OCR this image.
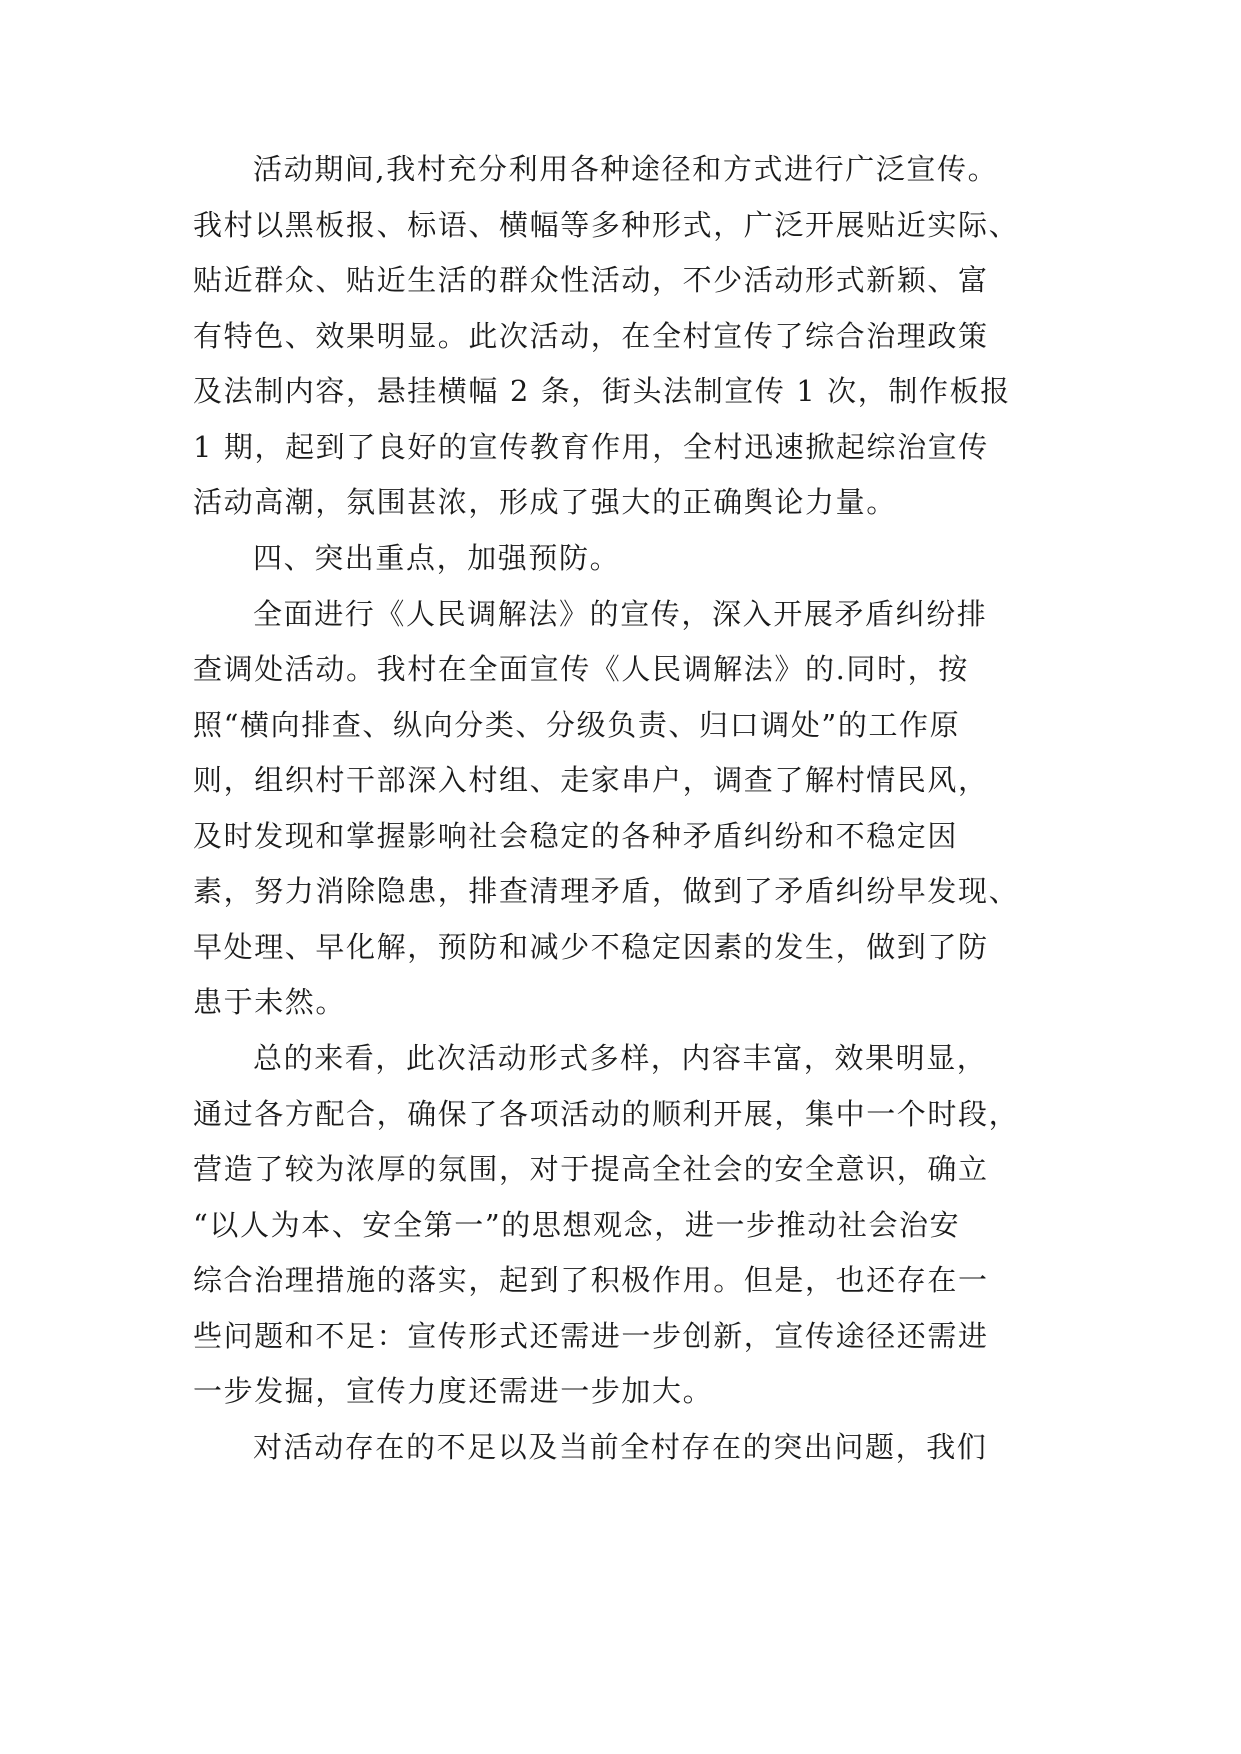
活动期间,我村充分利用各种途径和方式进行广泛宣传。
我村以黑板报、标语、横幅等多种形式，广泛开展贴近实际、
贴近群众、贴近生活的群众性活动，不少活动形式新颖、富
有特色、效果明显。此次活动，在全村宣传了综合治理政策
及法制内容，悬挂横幅 2 条，街头法制宣传 1 次，制作板报
1 期，起到了良好的宣传教育作用，全村迅速掀起综治宣传
活动高潮，氛围甚浓，形成了强大的正确舆论力量。
四、突出重点，加强预防。
全面进行《人民调解法》的宣传，深入开展矛盾纠纷排
查调处活动。我村在全面宣传《人民调解法》的.同时，按
照“横向排查、纵向分类、分级负责、归口调处”的工作原
则，组织村干部深入村组、走家串户，调查了解村情民风，
及时发现和掌握影响社会稳定的各种矛盾纠纷和不稳定因
素，努力消除隐患，排查清理矛盾，做到了矛盾纠纷早发现、
早处理、早化解，预防和减少不稳定因素的发生，做到了防
患于未然。
总的来看，此次活动形式多样，内容丰富，效果明显，
通过各方配合，确保了各项活动的顺利开展，集中一个时段，
营造了较为浓厚的氛围，对于提高全社会的安全意识，确立
“以人为本、安全第一”的思想观念，进一步推动社会治安
综合治理措施的落实，起到了积极作用。但是，也还存在一
些问题和不足：宣传形式还需进一步创新，宣传途径还需进
一步发掘，宣传力度还需进一步加大。
对活动存在的不足以及当前全村存在的突出问题，我们
